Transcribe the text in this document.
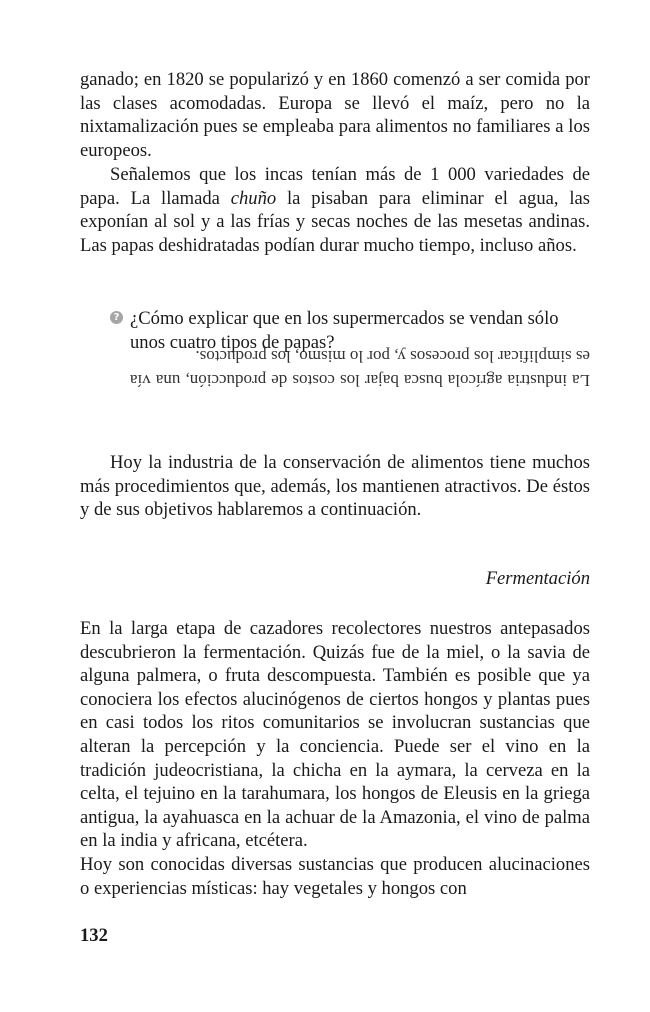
ganado; en 1820 se popularizó y en 1860 comenzó a ser comida por las clases acomodadas. Europa se llevó el maíz, pero no la nixtamalización pues se empleaba para alimentos no familiares a los europeos.

Señalemos que los incas tenían más de 1 000 variedades de papa. La llamada chuño la pisaban para eliminar el agua, las exponían al sol y a las frías y secas noches de las mesetas andinas. Las papas deshidratadas podían durar mucho tiempo, incluso años.

? ¿Cómo explicar que en los supermercados se vendan sólo unos cuatro tipos de papas?

La industria agrícola busca bajar los costos de producción, una vía es simplificar los procesos y, por lo mismo, los productos.

Hoy la industria de la conservación de alimentos tiene muchos más procedimientos que, además, los mantienen atractivos. De éstos y de sus objetivos hablaremos a continuación.

Fermentación

En la larga etapa de cazadores recolectores nuestros antepasados descubrieron la fermentación. Quizás fue de la miel, o la savia de alguna palmera, o fruta descompuesta. También es posible que ya conociera los efectos alucinógenos de ciertos hongos y plantas pues en casi todos los ritos comunitarios se involucran sustancias que alteran la percepción y la conciencia. Puede ser el vino en la tradición judeocristiana, la chicha en la aymara, la cerveza en la celta, el tejuino en la tarahumara, los hongos de Eleusis en la griega antigua, la ayahuasca en la achuar de la Amazonia, el vino de palma en la india y africana, etcétera.

Hoy son conocidas diversas sustancias que producen alucinaciones o experiencias místicas: hay vegetales y hongos con

132
